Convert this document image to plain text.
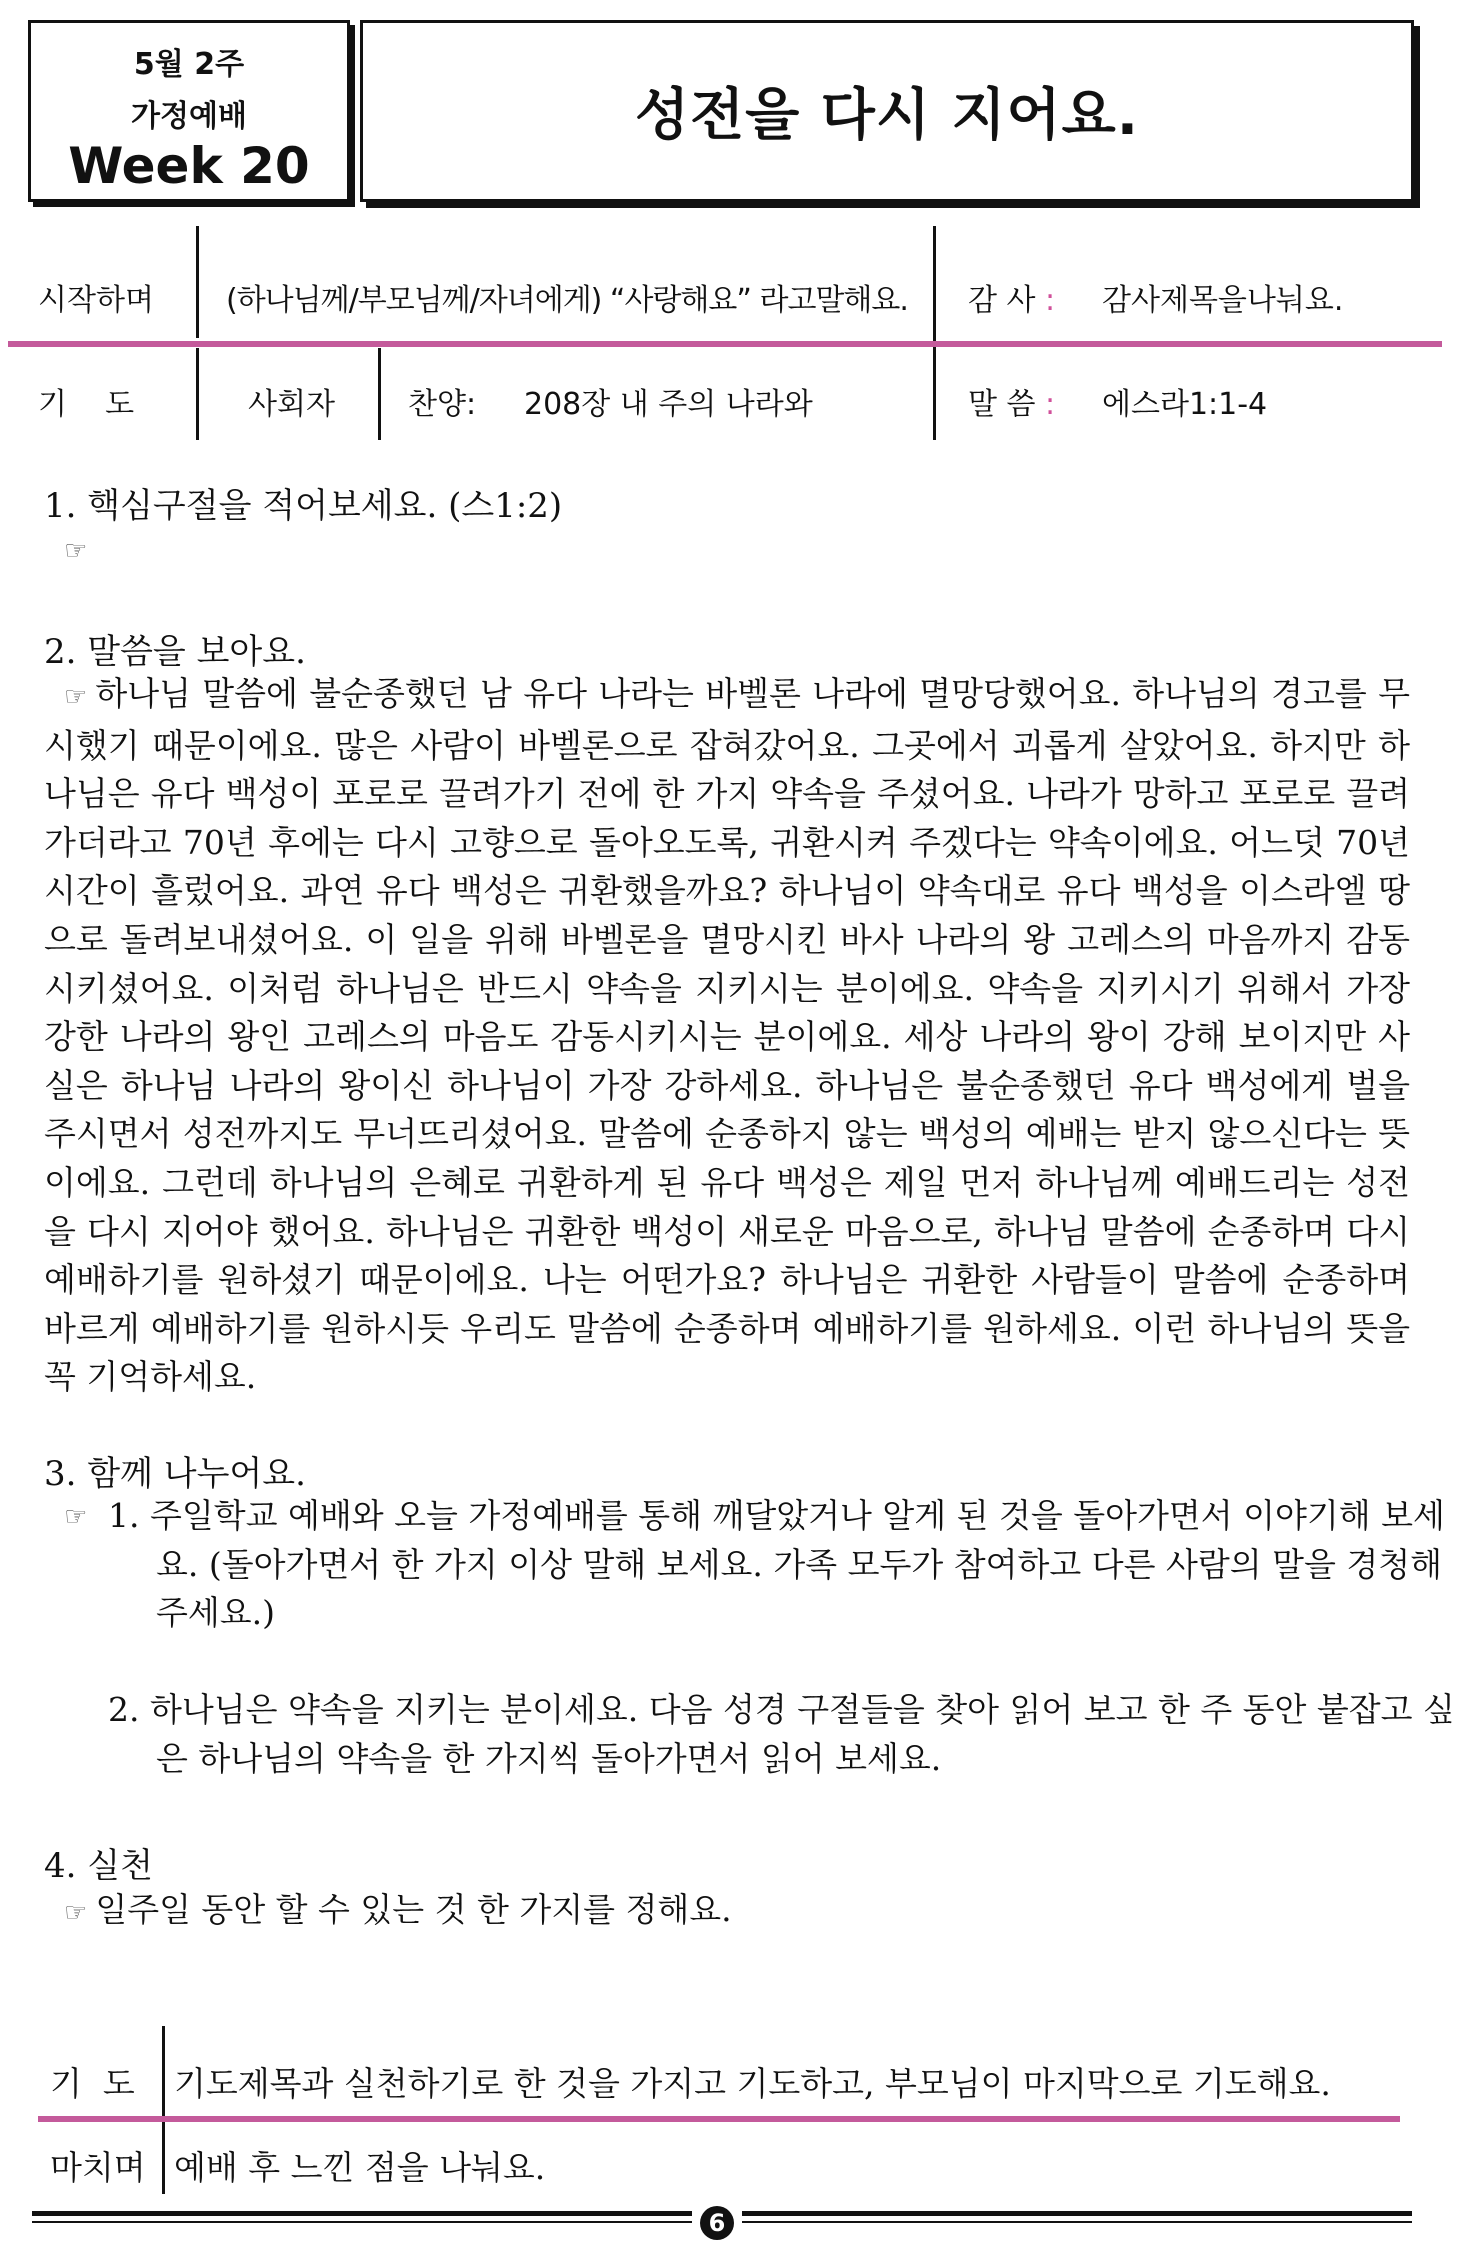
5월 2주
가정예배
Week 20
성전을 다시 지어요.
시작하며 (하나님께/부모님께/자녀에게) “사랑해요” 라고말해요. 감 사 : 감사제목을나눠요.
기    도	사회자 찬양: 208장 내 주의 나라와	말 씀 : 에스라1:1-4
1. 핵심구절을 적어보세요. (스1:2)
☞
2. 말씀을 보아요.
☞ 하나님 말씀에 불순종했던 남 유다 나라는 바벨론 나라에 멸망당했어요. 하나님의 경고를 무시했기 때문이에요. 많은 사람이 바벨론으로 잡혀갔어요. 그곳에서 괴롭게 살았어요. 하지만 하나님은 유다 백성이 포로로 끌려가기 전에 한 가지 약속을 주셨어요. 나라가 망하고 포로로 끌려가더라고 70년 후에는 다시 고향으로 돌아오도록, 귀환시켜 주겠다는 약속이에요. 어느덧 70년 시간이 흘렀어요. 과연 유다 백성은 귀환했을까요? 하나님이 약속대로 유다 백성을 이스라엘 땅으로 돌려보내셨어요. 이 일을 위해 바벨론을 멸망시킨 바사 나라의 왕 고레스의 마음까지 감동시키셨어요. 이처럼 하나님은 반드시 약속을 지키시는 분이에요. 약속을 지키시기 위해서 가장 강한 나라의 왕인 고레스의 마음도 감동시키시는 분이에요. 세상 나라의 왕이 강해 보이지만 사실은 하나님 나라의 왕이신 하나님이 가장 강하세요. 하나님은 불순종했던 유다 백성에게 벌을 주시면서 성전까지도 무너뜨리셨어요. 말씀에 순종하지 않는 백성의 예배는 받지 않으신다는 뜻이에요. 그런데 하나님의 은혜로 귀환하게 된 유다 백성은 제일 먼저 하나님께 예배드리는 성전을 다시 지어야 했어요. 하나님은 귀환한 백성이 새로운 마음으로, 하나님 말씀에 순종하며 다시 예배하기를 원하셨기 때문이에요. 나는 어떤가요? 하나님은 귀환한 사람들이 말씀에 순종하며 바르게 예배하기를 원하시듯 우리도 말씀에 순종하며 예배하기를 원하세요. 이런 하나님의 뜻을 꼭 기억하세요.
3. 함께 나누어요.
☞ 1. 주일학교 예배와 오늘 가정예배를 통해 깨달았거나 알게 된 것을 돌아가면서 이야기해 보세요. (돌아가면서 한 가지 이상 말해 보세요. 가족 모두가 참여하고 다른 사람의 말을 경청해 주세요.)
2. 하나님은 약속을 지키는 분이세요. 다음 성경 구절들을 찾아 읽어 보고 한 주 동안 붙잡고 싶은 하나님의 약속을 한 가지씩 돌아가면서 읽어 보세요.
4. 실천
☞ 일주일 동안 할 수 있는 것 한 가지를 정해요.
기  도 기도제목과 실천하기로 한 것을 가지고 기도하고, 부모님이 마지막으로 기도해요.
마치며 예배 후 느낀 점을 나눠요.
6
